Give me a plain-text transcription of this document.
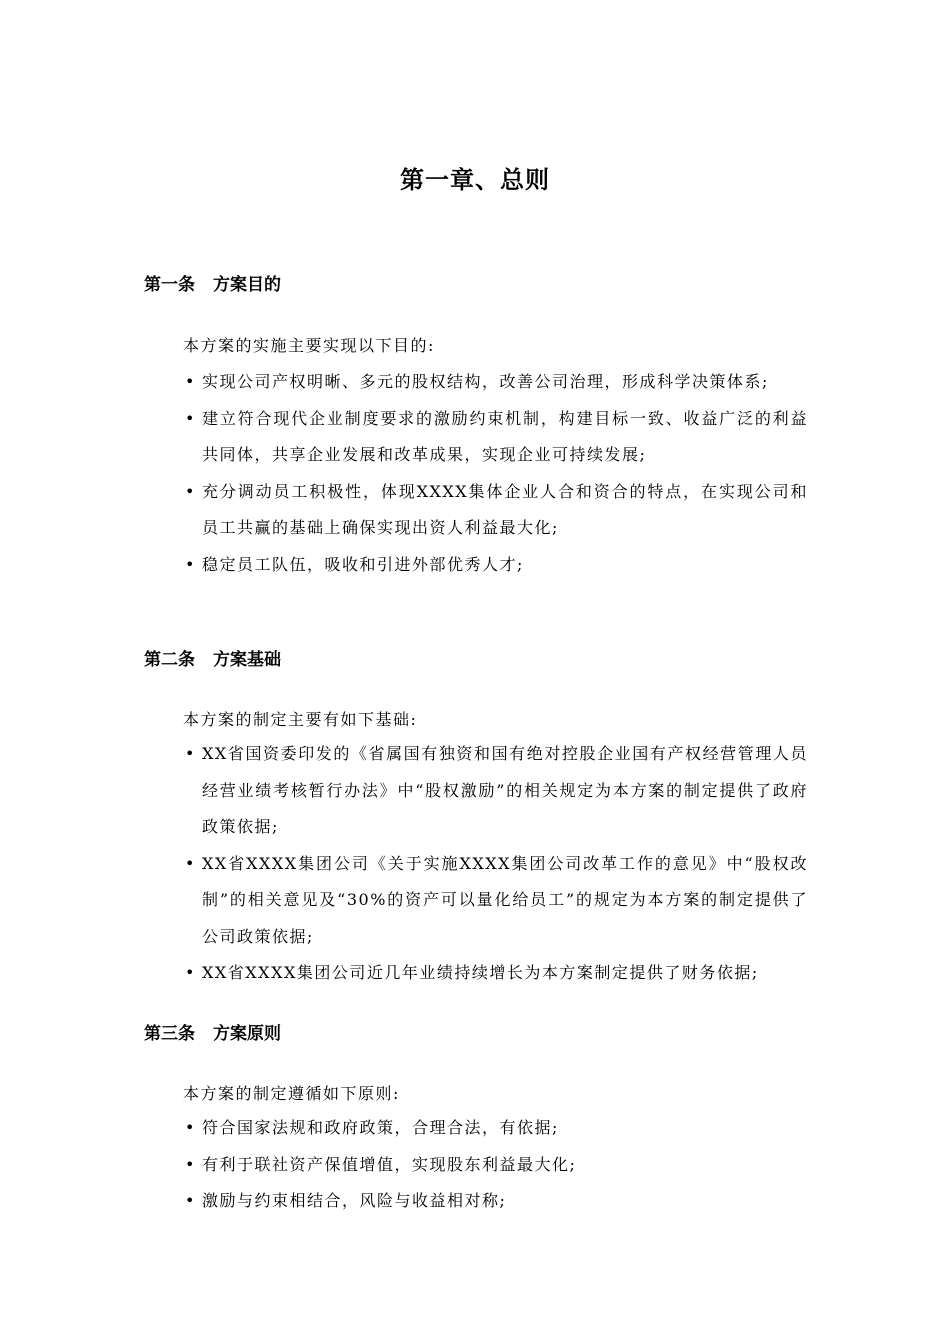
第一章、总则
第一条 方案目的
本方案的实施主要实现以下目的:
• 实现公司产权明晰、多元的股权结构，改善公司治理，形成科学决策体系;
• 建立符合现代企业制度要求的激励约束机制，构建目标一致、收益广泛的利益共同体，共享企业发展和改革成果，实现企业可持续发展;
• 充分调动员工积极性，体现XXXX集体企业人合和资合的特点，在实现公司和员工共赢的基础上确保实现出资人利益最大化;
• 稳定员工队伍，吸收和引进外部优秀人才;
第二条 方案基础
本方案的制定主要有如下基础:
• XX省国资委印发的《省属国有独资和国有绝对控股企业国有产权经营管理人员经营业绩考核暂行办法》中“股权激励”的相关规定为本方案的制定提供了政府政策依据;
• XX省XXXX集团公司《关于实施XXXX集团公司改革工作的意见》中“股权改制”的相关意见及“30%的资产可以量化给员工”的规定为本方案的制定提供了公司政策依据;
• XX省XXXX集团公司近几年业绩持续增长为本方案制定提供了财务依据;
第三条 方案原则
本方案的制定遵循如下原则:
• 符合国家法规和政府政策，合理合法，有依据;
• 有利于联社资产保值增值，实现股东利益最大化;
• 激励与约束相结合，风险与收益相对称;
